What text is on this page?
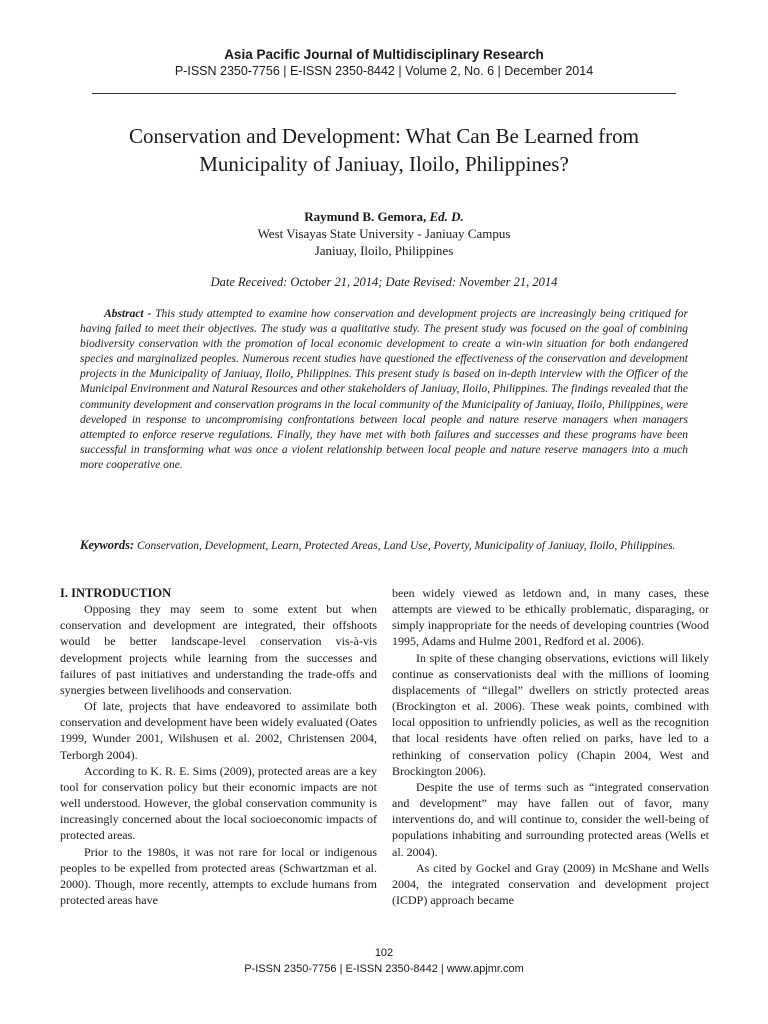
Asia Pacific Journal of Multidisciplinary Research
P-ISSN 2350-7756 | E-ISSN 2350-8442 | Volume 2, No. 6 | December 2014
Conservation and Development: What Can Be Learned from
Municipality of Janiuay, Iloilo, Philippines?
Raymund B. Gemora, Ed. D.
West Visayas State University - Janiuay Campus
Janiuay, Iloilo, Philippines
Date Received: October 21, 2014; Date Revised: November 21, 2014

Abstract - This study attempted to examine how conservation and development projects are increasingly being critiqued for having failed to meet their objectives. The study was a qualitative study. The present study was focused on the goal of combining biodiversity conservation with the promotion of local economic development to create a win-win situation for both endangered species and marginalized peoples. Numerous recent studies have questioned the effectiveness of the conservation and development projects in the Municipality of Janiuay, Iloilo, Philippines. This present study is based on in-depth interview with the Officer of the Municipal Environment and Natural Resources and other stakeholders of Janiuay, Iloilo, Philippines. The findings revealed that the community development and conservation programs in the local community of the Municipality of Janiuay, Iloilo, Philippines, were developed in response to uncompromising confrontations between local people and nature reserve managers when managers attempted to enforce reserve regulations. Finally, they have met with both failures and successes and these programs have been successful in transforming what was once a violent relationship between local people and nature reserve managers into a much more cooperative one.

Keywords: Conservation, Development, Learn, Protected Areas, Land Use, Poverty, Municipality of Janiuay, Iloilo, Philippines.

I. INTRODUCTION

Opposing they may seem to some extent but when conservation and development are integrated, their offshoots would be better landscape-level conservation vis-à-vis development projects while learning from the successes and failures of past initiatives and understanding the trade-offs and synergies between livelihoods and conservation.

Of late, projects that have endeavored to assimilate both conservation and development have been widely evaluated (Oates 1999, Wunder 2001, Wilshusen et al. 2002, Christensen 2004, Terborgh 2004).

According to K. R. E. Sims (2009), protected areas are a key tool for conservation policy but their economic impacts are not well understood. However, the global conservation community is increasingly concerned about the local socioeconomic impacts of protected areas.

Prior to the 1980s, it was not rare for local or indigenous peoples to be expelled from protected areas (Schwartzman et al. 2000). Though, more recently, attempts to exclude humans from protected areas have

been widely viewed as letdown and, in many cases, these attempts are viewed to be ethically problematic, disparaging, or simply inappropriate for the needs of developing countries (Wood 1995, Adams and Hulme 2001, Redford et al. 2006).

In spite of these changing observations, evictions will likely continue as conservationists deal with the millions of looming displacements of “illegal” dwellers on strictly protected areas (Brockington et al. 2006). These weak points, combined with local opposition to unfriendly policies, as well as the recognition that local residents have often relied on parks, have led to a rethinking of conservation policy (Chapin 2004, West and Brockington 2006).

Despite the use of terms such as “integrated conservation and development” may have fallen out of favor, many interventions do, and will continue to, consider the well-being of populations inhabiting and surrounding protected areas (Wells et al. 2004).

As cited by Gockel and Gray (2009) in McShane and Wells 2004, the integrated conservation and development project (ICDP) approach became

102
P-ISSN 2350-7756 | E-ISSN 2350-8442 | www.apjmr.com
